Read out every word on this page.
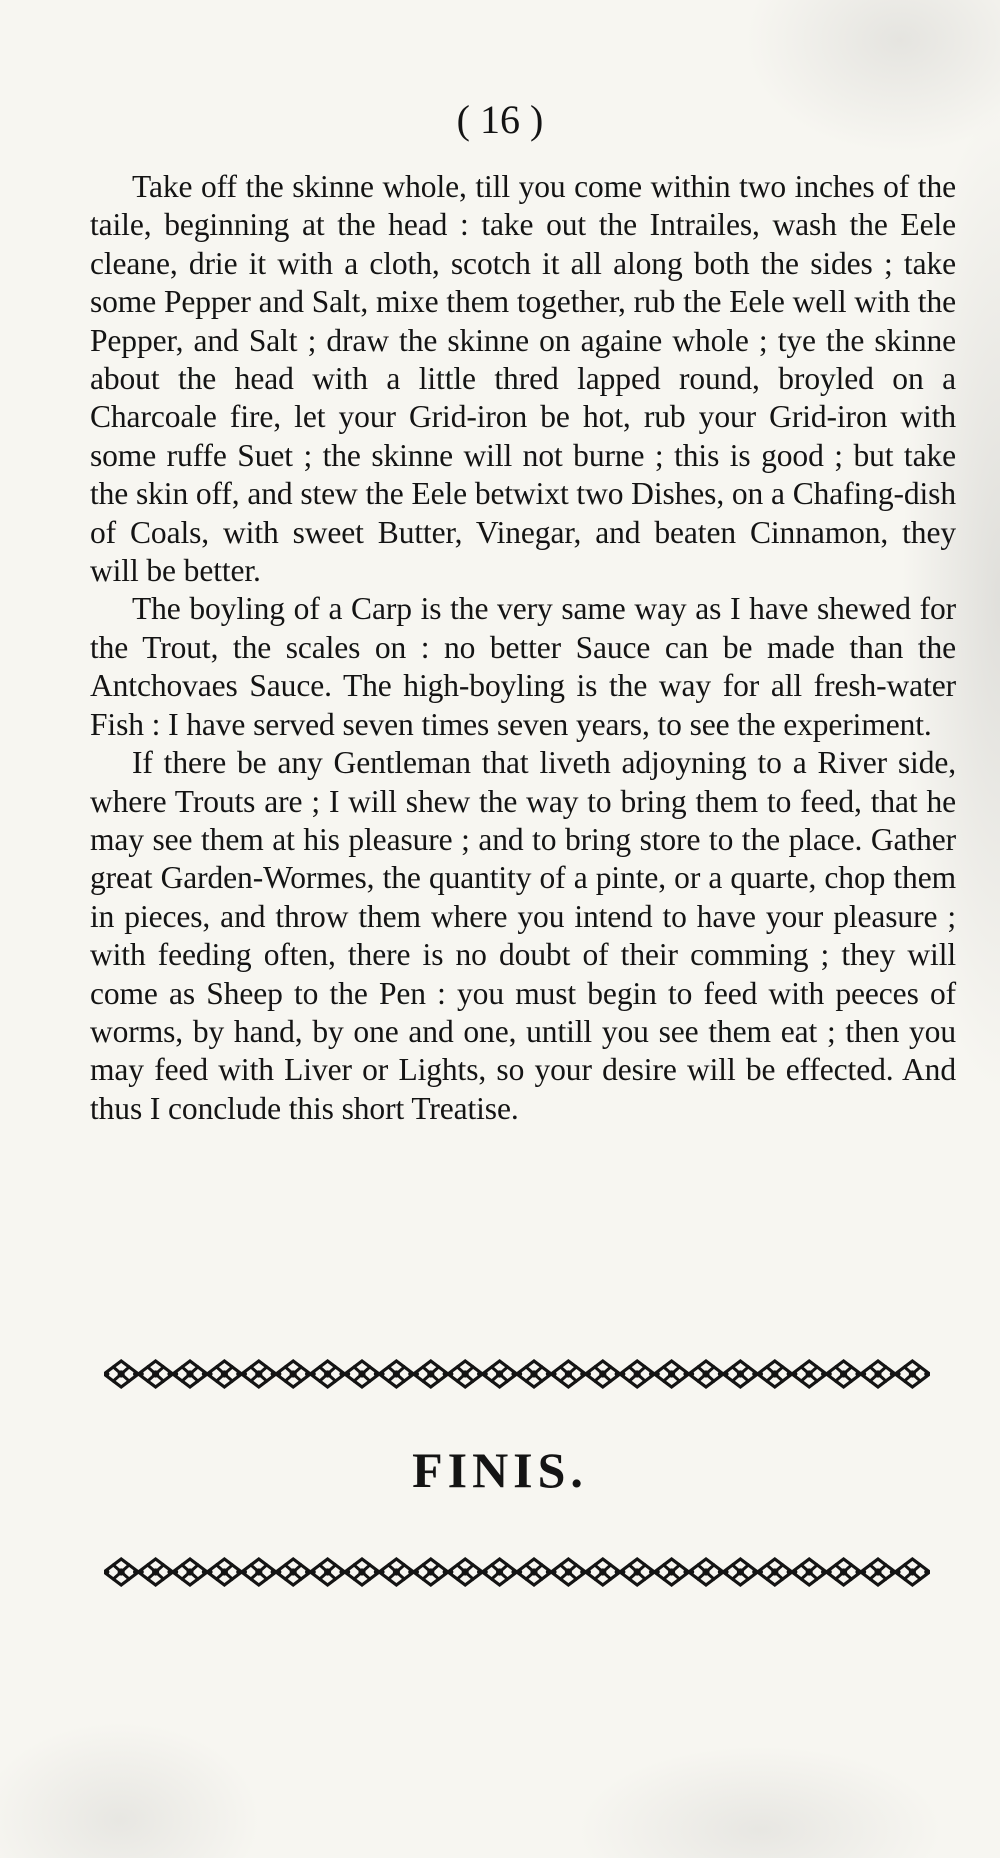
( 16 )

Take off the skinne whole, till you come within two inches of the taile, beginning at the head : take out the Intrailes, wash the Eele cleane, drie it with a cloth, scotch it all along both the sides ; take some Pepper and Salt, mixe them together, rub the Eele well with the Pepper, and Salt ; draw the skinne on againe whole ; tye the skinne about the head with a little thred lapped round, broyled on a Charcoale fire, let your Grid-iron be hot, rub your Grid-iron with some ruffe Suet ; the skinne will not burne ; this is good ; but take the skin off, and stew the Eele betwixt two Dishes, on a Chafing-dish of Coals, with sweet Butter, Vinegar, and beaten Cinnamon, they will be better.

The boyling of a Carp is the very same way as I have shewed for the Trout, the scales on : no better Sauce can be made than the Antchovaes Sauce. The high-boyling is the way for all fresh-water Fish : I have served seven times seven years, to see the experiment.

If there be any Gentleman that liveth adjoyning to a River side, where Trouts are ; I will shew the way to bring them to feed, that he may see them at his pleasure ; and to bring store to the place. Gather great Garden-Wormes, the quantity of a pinte, or a quarte, chop them in pieces, and throw them where you intend to have your pleasure ; with feeding often, there is no doubt of their comming ; they will come as Sheep to the Pen : you must begin to feed with peeces of worms, by hand, by one and one, untill you see them eat ; then you may feed with Liver or Lights, so your desire will be effected. And thus I conclude this short Treatise.

FINIS.
